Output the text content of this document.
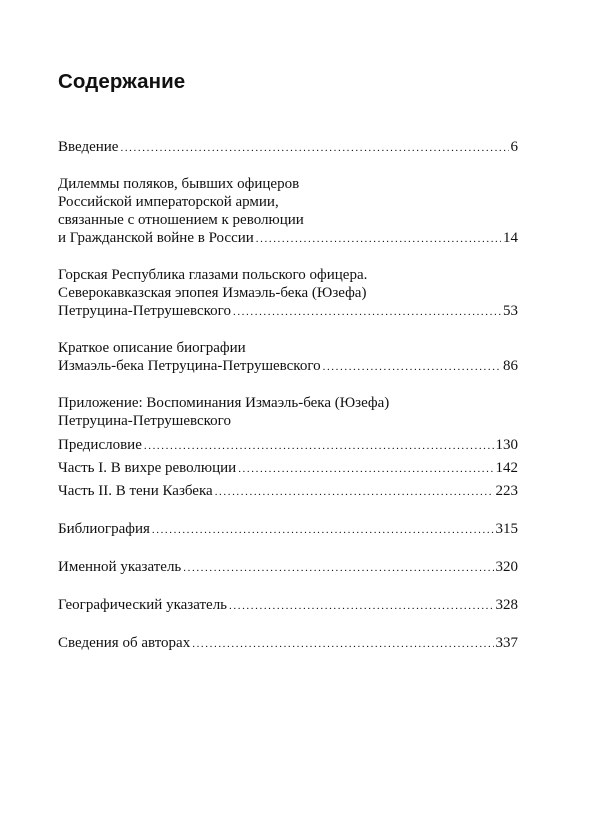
Содержание
Введение .....	6
Дилеммы поляков, бывших офицеров
Российской императорской армии,
связанные с отношением к революции
и Гражданской войне в России .....	14
Горская Республика глазами польского офицера.
Северокавказская эпопея Измаэль-бека (Юзефа)
Петруцина-Петрушевского .....	53
Краткое описание биографии
Измаэль-бека Петруцина-Петрушевского .....	86
Приложение: Воспоминания Измаэль-бека (Юзефа)
Петруцина-Петрушевского
Предисловие .....	130
Часть I. В вихре революции .....	142
Часть II. В тени Казбека .....	223
Библиография .....	315
Именной указатель .....	320
Географический указатель .....	328
Сведения об авторах .....	337
